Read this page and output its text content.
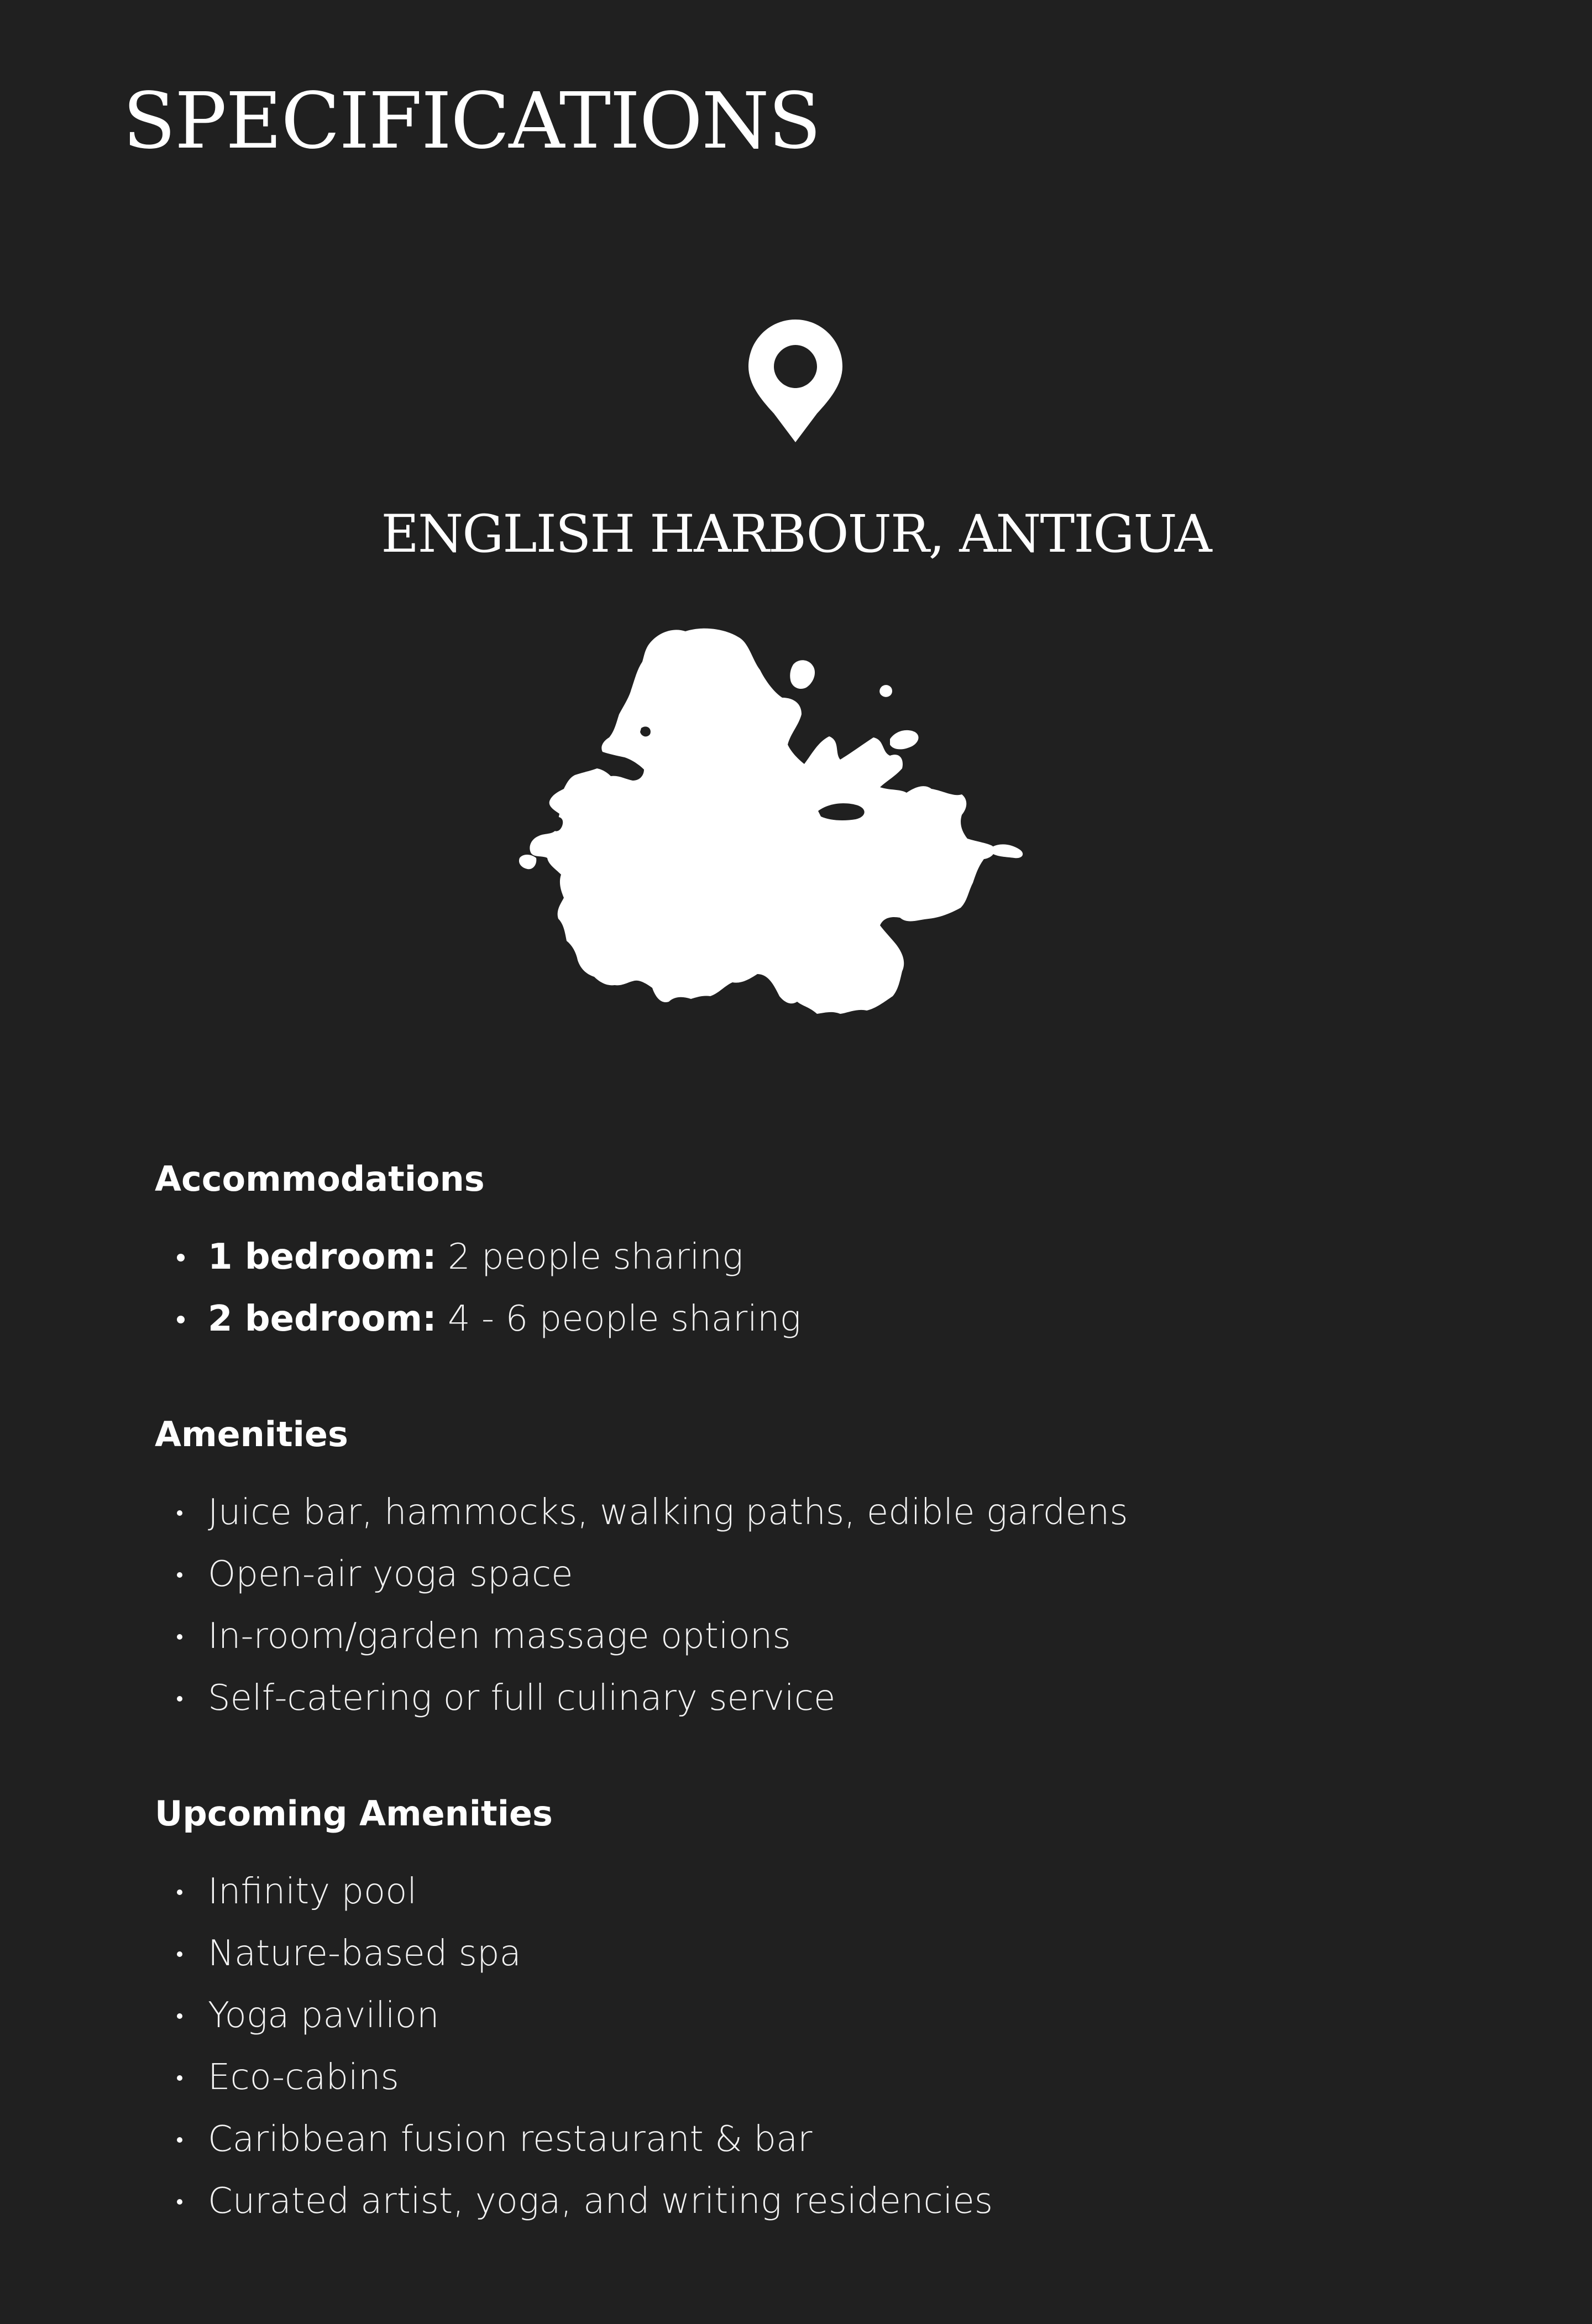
SPECIFICATIONS
ENGLISH HARBOUR, ANTIGUA
Accommodations
1 bedroom: 2 people sharing
2 bedroom: 4 - 6 people sharing
Amenities
Juice bar, hammocks, walking paths, edible gardens
Open-air yoga space
In-room/garden massage options
Self-catering or full culinary service
Upcoming Amenities
Infinity pool
Nature-based spa
Yoga pavilion
Eco-cabins
Caribbean fusion restaurant & bar
Curated artist, yoga, and writing residencies
